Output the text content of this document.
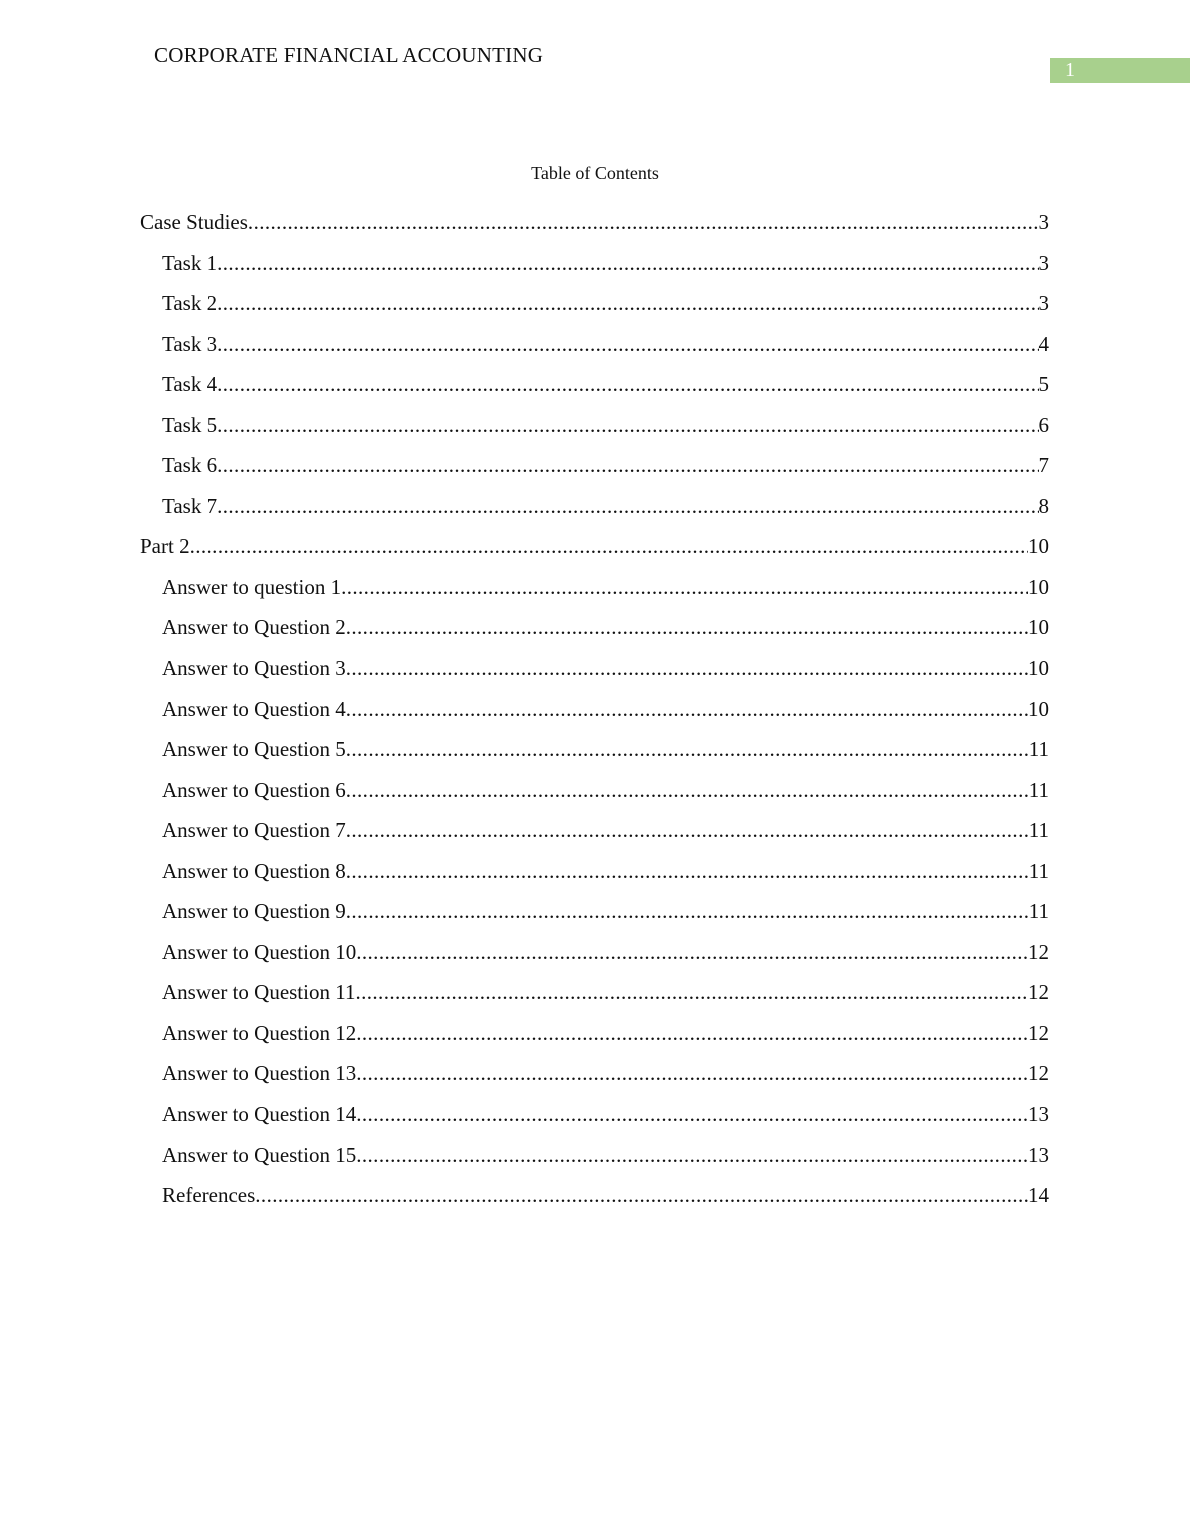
CORPORATE FINANCIAL ACCOUNTING
1
Table of Contents
Case Studies .....	3
Task 1 .....	3
Task 2 .....	3
Task 3 .....	4
Task 4 .....	5
Task 5 .....	6
Task 6 .....	7
Task 7 .....	8
Part 2 .....	10
Answer to question 1 .....	10
Answer to Question 2 .....	10
Answer to Question 3 .....	10
Answer to Question 4 .....	10
Answer to Question 5 .....	11
Answer to Question 6 .....	11
Answer to Question 7 .....	11
Answer to Question 8 .....	11
Answer to Question 9 .....	11
Answer to Question 10 .....	12
Answer to Question 11 .....	12
Answer to Question 12 .....	12
Answer to Question 13 .....	12
Answer to Question 14 .....	13
Answer to Question 15 .....	13
References .....	14
